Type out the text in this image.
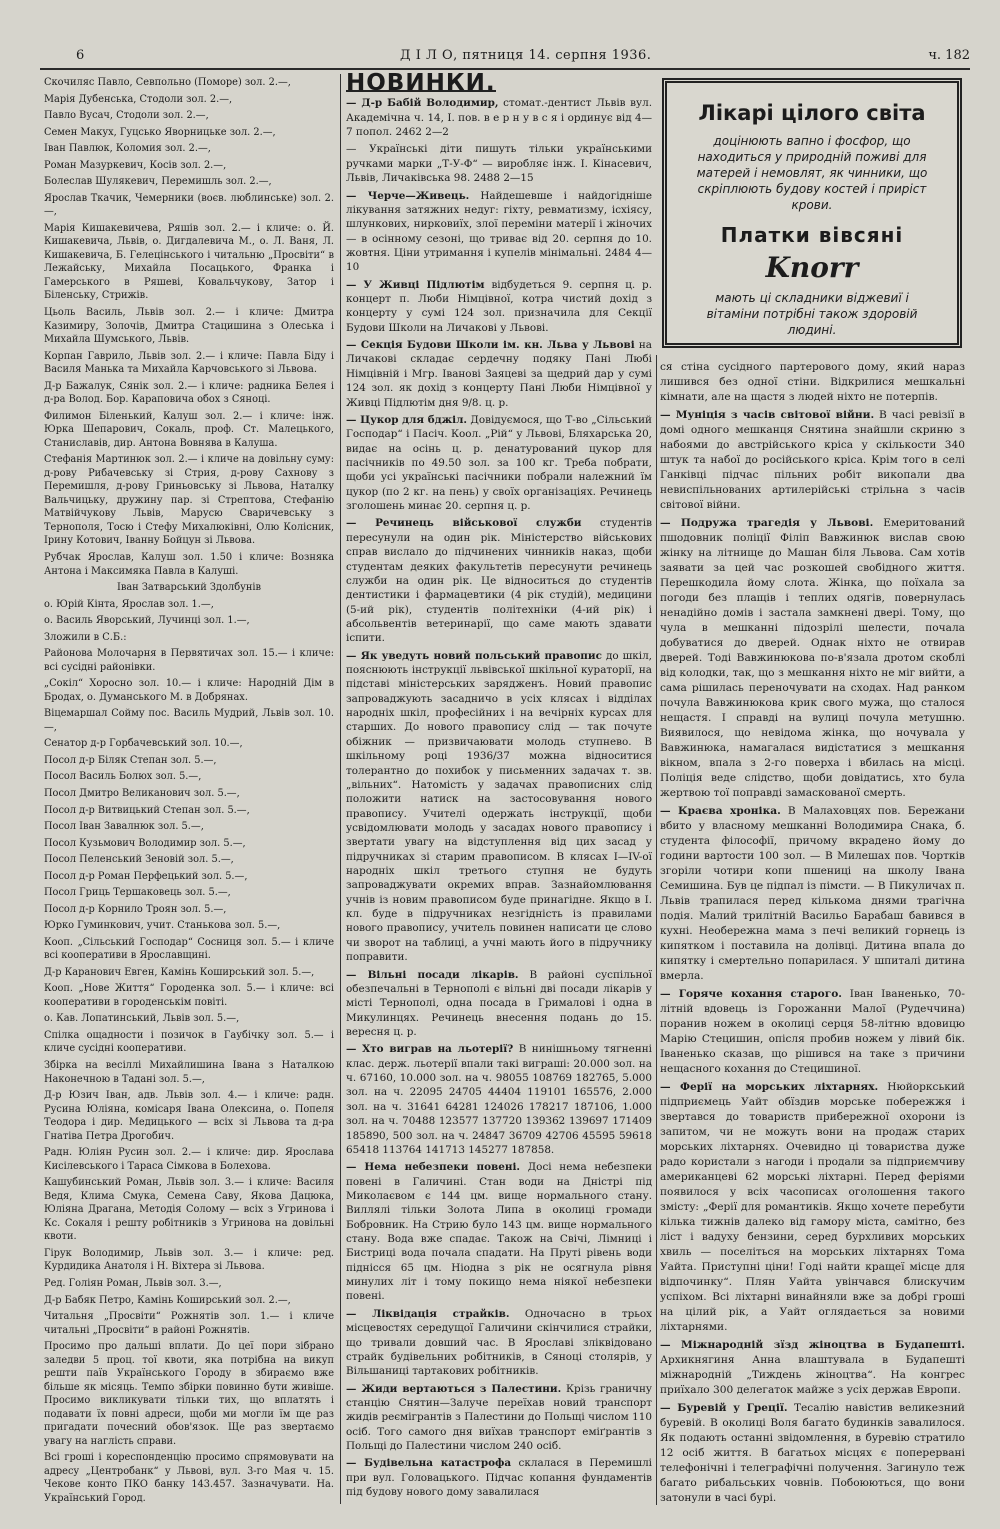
6	Д І Л О, пятниця 14. серпня 1936.	ч. 182

Скочиляс Павло, Севпольно (Поморе) зол. 2.—,

Марія Дубенська, Стодоли зол. 2.—,

Павло Вусач, Стодоли зол. 2.—,

Семен Макух, Гуцсько Яворницьке зол. 2.—,

Іван Павлюк, Коломия зол. 2.—,

Роман Мазуркевич, Косів зол. 2.—,

Болеслав Шулякевич, Перемишль зол. 2.—,

Ярослав Ткачик, Чемерники (воєв. люблинське) зол. 2.—,

Марія Кишакевичева, Ряшів зол. 2.— і кличе: о. Й. Кишакевича, Львів, о. Дигдалевича М., о. Л. Ваня, Л. Кишакевича, Б. Гелецінського і читальню „Просвіти“ в Лежайську, Михайла Посацького, Франка і Гамерського в Ряшеві, Ковальчукову, Затор і Біленську, Стрижів.

Цьоль Василь, Львів зол. 2.— і кличе: Дмитра Казимиру, Золочів, Дмитра Стацишина з Олеська і Михайла Шумського, Львів.

Корпан Гаврило, Львів зол. 2.— і кличе: Павла Біду і Василя Манька та Михайла Карчовського зі Львова.

Д-р Бажалук, Сянік зол. 2.— і кличе: радника Белея і д-ра Волод. Бор. Караповича обох з Сяноці.

Филимон Біленький, Калуш зол. 2.— і кличе: інж. Юрка Шепарович, Сокаль, проф. Ст. Малецького, Станиславів, дир. Антона Вовнява в Калуша.

Стефанія Мартинюк зол. 2.— і кличе на довільну суму: д-рову Рибачевську зі Стрия, д-рову Сахнову з Перемишля, д-рову Гриньовську зі Львова, Наталку Вальчицьку, дружину пар. зі Стрептова, Стефанію Матвійчукову Львів, Марусю Сваричевську з Тернополя, Тосю і Стефу Михалюківні, Олю Колісник, Ірину Котович, Іванну Бойцун зі Львова.

Рубчак Ярослав, Калуш зол. 1.50 і кличе: Возняка Антона і Максимяка Павла в Калуші.

Іван Затварський Здолбунів

о. Юрій Кінта, Ярослав зол. 1.—,

о. Василь Яворський, Лучинці зол. 1.—,

Зложили в С.Б.:

Районова Молочарня в Первятичах зол. 15.— і кличе: всі сусідні районівки.

„Сокіл“ Хоросно зол. 10.— і кличе: Народній Дім в Бродах, о. Думанського М. в Добрянах.

Віцемаршал Сойму пос. Василь Мудрий, Львів зол. 10.—,

Сенатор д-р Горбачевський зол. 10.—,

Посол д-р Біляк Степан зол. 5.—,

Посол Василь Болюх зол. 5.—,

Посол Дмитро Великанович зол. 5.—,

Посол д-р Витвицький Степан зол. 5.—,

Посол Іван Завалнюк зол. 5.—,

Посол Кузьмович Володимир зол. 5.—,

Посол Пеленський Зеновій зол. 5.—,

Посол д-р Роман Перфецький зол. 5.—,

Посол Гриць Тершаковець зол. 5.—,

Посол д-р Корнило Троян зол. 5.—,

Юрко Гуминкович, учит. Станькова зол. 5.—,

Кооп. „Сільський Господар“ Сосниця зол. 5.— і кличе всі кооперативи в Ярославщині.

Д-р Каранович Евген, Камінь Коширський зол. 5.—,

Кооп. „Нове Життя“ Городенка зол. 5.— і кличе: всі кооперативи в городенськім повіті.

о. Кав. Лопатинський, Львів зол. 5.—,

Спілка ощадности і позичок в Гаубічку зол. 5.— і кличе сусідні кооперативи.

Збірка на весіллі Михайлишина Івана з Наталкою Наконечною в Тадані зол. 5.—,

Д-р Юзич Іван, адв. Львів зол. 4.— і кличе: радн. Русина Юліяна, комісаря Івана Олексина, о. Попеля Теодора і дир. Медицького — всіх зі Львова та д-ра Гнатіва Петра Дрогобич.

Радн. Юліян Русин зол. 2.— і кличе: дир. Ярослава Кисілевського і Тараса Сімкова в Болехова.

Кашубинський Роман, Львів зол. 3.— і кличе: Василя Ведя, Клима Смука, Семена Саву, Якова Дацюка, Юліяна Драгана, Методія Солому — всіх з Угринова і Кс. Сокаля і решту робітників з Угринова на довільні квоти.

Гірук Володимир, Львів зол. 3.— і кличе: ред. Курдидика Анатоля і Н. Віхтера зі Львова.

Ред. Голіян Роман, Львів зол. 3.—,

Д-р Бабяк Петро, Камінь Коширський зол. 2.—,

Читальня „Просвіти“ Рожнятів зол. 1.— і кличе читальні „Просвіти“ в районі Рожнятів.

Просимо про дальші вплати. До цеї пори зібрано заледви 5 проц. тої квоти, яка потрібна на викуп решти паїв Українського Городу в збираємо вже більше як місяць. Темпо збірки повинно бути живіше. Просимо викликувати тільки тих, що вплатять і подавати їх повні адреси, щоби ми могли їм ще раз пригадати почесний обов'язок. Ще раз звертаємо увагу на наглість справи.

Всі гроші і кореспонденцію просимо спрямовувати на адресу „Центробанк“ у Львові, вул. 3-го Мая ч. 15. Чекове конто ПКО банку 143.457. Зазначувати. На. Український Город.

НОВИНКИ.

— Д-р Бабій Володимир, стомат.-дентист Львів вул. Академічна ч. 14, І. пов. в е р н у в с я і ординує від 4—7 попол. 2462 2—2

— Українські діти пишуть тільки українськими ручками марки „Т-У-Ф“ — виробляє інж. І. Кінасевич, Львів, Личаківська 98. 2488 2—15

— Черче—Живець. Найдешевше і найдогідніше лікування затяжних недуг: гіхту, ревматизму, ісхіясу, шлункових, нирковиїх, злої переміни матерії і жіночих — в осінному сезоні, що триває від 20. серпня до 10. жовтня. Ціни утримання і купелів мінімальні. 2484 4—10

— У Живці Підлютім відбудеться 9. серпня ц. р. концерт п. Люби Німцівної, котра чистий дохід з концерту у сумі 124 зол. призначила для Секції Будови Школи на Личакові у Львові.

— Секція Будови Школи ім. кн. Льва у Львові на Личакові складає сердечну подяку Пані Любі Німцівній і Мгр. Іванові Заяцеві за щедрий дар у сумі 124 зол. як дохід з концерту Пані Люби Німцівної у Живці Підлютім дня 9/8. ц. р.

— Цукор для бджіл. Довідуємося, що Т-во „Сільський Господар“ і Пасіч. Коол. „Рій“ у Львові, Бляхарська 20, видає на осінь ц. р. денатурований цукор для пасічників по 49.50 зол. за 100 кг. Треба побрати, щоби усі українські пасічники побрали належний їм цукор (по 2 кг. на пень) у своїх організаціях. Речинець зголошень минає 20. серпня ц. р.

— Речинець військової служби студентів пересунули на один рік. Міністерство військових справ вислало до підчинених чинників наказ, щоби студентам деяких факультетів пересунути речинець служби на один рік. Це відноситься до студентів дентистики і фармацевтики (4 рік студій), медицини (5-ий рік), студентів політехніки (4-ий рік) і абсольвентів ветеринарії, що саме мають здавати іспити.

— Як уведуть новий польський правопис до шкіл, пояснюють інструкції львівської шкільної кураторії, на підставі міністерських зарядженъ. Новий правопис запроваджують засадничо в усіх клясах і відділах народніх шкіл, професійних і на вечірніх курсах для старших. До нового правопису слід — так почуте обіжник — призвичаювати молодь ступнево. В шкільному році 1936/37 можна відноситися толерантно до похибок у письменних задачах т. зв. „вільних“. Натомість у задачах правописних слід положити натиск на застосовування нового правопису. Учителі одержать інструкції, щоби усвідомлювати молодь у засадах нового правопису і звертати увагу на відступлення від цих засад у підручниках зі старим правописом. В клясах І—IV-ої народніх шкіл третього ступня не будуть запроваджувати окремих вправ. Зазнайомлювання учнів із новим правописом буде принагідне. Якщо в І. кл. буде в підручниках незгідність із правилами нового правопису, учитель повинен написати це слово чи зворот на таблиці, а учні мають його в підручнику поправити.

— Вільні посади лікарів. В районі суспільної обезпечальні в Тернополі є вільні дві посади лікарів у місті Тернополі, одна посада в Грималові і одна в Микулинцях. Речинець внесення подань до 15. вересня ц. р.

— Хто виграв на льотерії? В нинішньому тягненні клас. держ. льотерії впали такі виграші: 20.000 зол. на ч. 67160, 10.000 зол. на ч. 98055 108769 182765, 5.000 зол. на ч. 22095 24705 44404 119101 165576, 2.000 зол. на ч. 31641 64281 124026 178217 187106, 1.000 зол. на ч. 70488 123577 137720 139362 139697 171409 185890, 500 зол. на ч. 24847 36709 42706 45595 59618 65418 113764 141713 145277 187858.

— Нема небезпеки повені. Досі нема небезпеки повені в Галичині. Стан води на Дністрі під Миколаєвом є 144 цм. вище нормального стану. Виллялі тільки Золота Липа в околиці громади Бобровник. На Стрию було 143 цм. вище нормального стану. Вода вже спадає. Також на Свічі, Лімниці і Бистриці вода почала спадати. На Пруті рівень води піднісся 65 цм. Ніодна з рік не осягнула рівня минулих літ і тому покищо нема ніякої небезпеки повені.

— Ліквідація страйків. Одночасно в трьох місцевостях середущої Галичини скінчилися страйки, що тривали довший час. В Ярославі зліквідовано страйк будівельних робітників, в Сяноці столярів, у Вільшаниці тартакових робітників.

— Жиди вертаються з Палестини. Крізь граничну станцію Снятин—Залуче переїхав новий транспорт жидів реємігрантів з Палестини до Польщі числом 110 осіб. Того самого дня виїхав транспорт еміґрантів з Польщі до Палестини числом 240 осіб.

— Будівельна катастрофа склалася в Перемишлі при вул. Головацького. Підчас копання фундаментів під будову нового дому завалилася

Лікарі цілого світа
доцінюють вапно і фосфор, що находиться у природній поживі для матерей і немовлят, як чинники, що скріплюють будову костей і приріст крови.
Платки вівсяні
Knorr
мають ці складники віджевиї і вітаміни потрібні також здоровій людині.

ся стіна сусідного партерового дому, який нараз лишився без одної стіни. Відкрилися мешкальні кімнати, але на щастя з людей ніхто не потерпів.

— Муніція з часів світової війни. В часі ревізії в домі одного мешканця Снятина знайшли скриню з набоями до австрійського кріса у скількости 340 штук та набої до російського кріса. Крім того в селі Ганківці підчас пільних робіт викопали два невиспільнованих артилерійські стрільна з часів світової війни.

— Подружа трагедія у Львові. Емеритований пшодовник поліції Філіп Вавжинюк вислав свою жінку на літнище до Машан біля Львова. Сам хотів заявати за цей час розкошей свобідного життя. Перешкодила йому слота. Жінка, що поїхала за погоди без плащів і теплих одягів, повернулась ненадійно домів і застала замкнені двері. Тому, що чула в мешканні підозрілі шелести, почала добуватися до дверей. Однак ніхто не отвирав дверей. Тоді Вавжинюкова по-в'язала дротом скоблі від колодки, так, що з мешкання ніхто не міг вийти, а сама рішилась переночувати на сходах. Над ранком почула Вавжинюкова крик свого мужа, що сталося нещастя. І справді на вулиці почула метушню. Виявилося, що невідома жінка, що ночувала у Вавжинюка, намагалася видістатися з мешкання вікном, впала з 2-го поверха і вбилась на місці. Поліція веде слідство, щоби довідатись, хто була жертвою тої поправді замаскованої смерть.

— Краєва хроніка. В Малаховцях пов. Бережани вбито у власному мешканні Володимира Снака, б. студента філософії, причому вкрадено йому до години вартости 100 зол. — В Милешах пов. Чортків згоріли чотири копи пшениці на школу Івана Семишина. Був це підпал із пімсти. — В Пикуличах п. Львів трапилася перед кількома днями трагічна подія. Малий трилітній Васильо Барабаш бавився в кухні. Необережна мама з печі великий горнець із кипятком і поставила на долівці. Дитина впала до кипятку і смертельно попарилася. У шпиталі дитина вмерла.

— Горяче кохання старого. Іван Іваненько, 70-літній вдовець із Горожанни Малої (Рудеччина) поранив ножем в околиці серця 58-літню вдовицю Марію Стецишин, опісля пробив ножем у лівий бік. Іваненько сказав, що рішився на таке з причини нещасного кохання до Стецишиної.

— Ферії на морських ліхтарнях. Нюйоркський підприємець Уайт обїздив морське побережжя і звертався до товариств прибережної охорони із запитом, чи не можуть вони на продаж старих морських ліхтарнях. Очевидно ці товариства дуже радо користали з нагоди і продали за підприємчиву американцеві 62 морські ліхтарні. Перед феріями появилося у всіх часописах оголошення такого змісту: „Ферії для романтиків. Якщо хочете перебути кілька тижнів далеко від гамору міста, самітно, без ліст і вадуху бензини, серед бурхливих морських хвиль — поселіться на морських ліхтарнях Тома Уайта. Приступні ціни! Годі найти кращеї місце для відпочинку“. Плян Уайта увінчався блискучим успіхом. Всі ліхтарні винайняли вже за добрі гроші на цілий рік, а Уайт оглядається за новими ліхтарнями.

— Міжнародній зїзд жіноцтва в Будапешті. Архикнягиня Анна влаштувала в Будапешті міжнародній „Тиждень жіноцтва“. На конгрес приїхало 300 делегаток майже з усіх держав Европи.

— Буревій у Греції. Тесалію навістив великезний буревій. В околиці Воля багато будинків завалилося. Як подають останні звідомлення, в буревію стратило 12 осіб життя. В багатьох місцях є поперервані телефонічні і телеграфічні получення. Загинуло теж багато рибальських човнів. Побоюються, що вони затонули в часі бурі.
